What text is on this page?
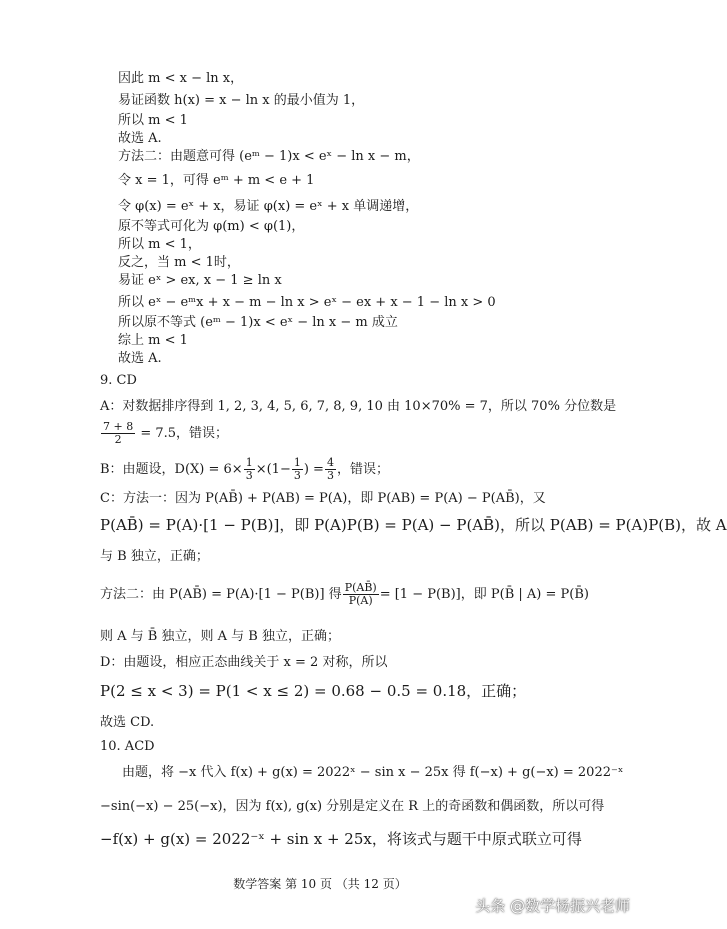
因此 m < x − ln x，
易证函数 h(x) = x − ln x 的最小值为 1，
所以 m < 1
故选 A.
方法二：由题意可得 (eᵐ − 1)x < eˣ − ln x − m，
令 x = 1，可得 eᵐ + m < e + 1
令 φ(x) = eˣ + x，易证 φ(x) = eˣ + x 单调递增，
原不等式可化为 φ(m) < φ(1)，
所以 m < 1，
反之，当 m < 1时，
易证 eˣ > ex, x − 1 ≥ ln x
所以 eˣ − eᵐx + x − m − ln x > eˣ − ex + x − 1 − ln x > 0
所以原不等式 (eᵐ − 1)x < eˣ − ln x − m 成立
综上 m < 1
故选 A.
9. CD
A：对数据排序得到 1, 2, 3, 4, 5, 6, 7, 8, 9, 10 由 10×70% = 7，所以 70% 分位数是
$\frac{7 + 8}{2} = 7.5$，错误；
B：由题设，$D(X) = 6\times \frac{1}{3} \times(1- \frac{1}{3}$ ) = $\frac{4}{3}$ ，错误；
C：方法一：因为 P(AB̄) + P(AB) = P(A)，即 P(AB) = P(A) − P(AB̄)，又
P(AB̄) = P(A)·[1 − P(B)]，即 P(A)P(B) = P(A) − P(AB̄)，所以 P(AB) = P(A)P(B)，故 A
与 B 独立，正确；
方法二：由 P(AB̄) = P(A)·[1 − P(B)] 得 $\frac{P(AB̄)}{P(A)} = [1 - P(B)]$，即 P(B̄ | A) = P(B̄)
则 A 与 B̄ 独立，则 A 与 B 独立，正确；
D：由题设，相应正态曲线关于 x = 2 对称，所以
P(2 ≤ x < 3) = P(1 < x ≤ 2) = 0.68 − 0.5 = 0.18，正确；
故选 CD.
10. ACD
由题，将 −x 代入 f(x) + g(x) = 2022ˣ − sin x − 25x 得 f(−x) + g(−x) = 2022⁻ˣ
−sin(−x) − 25(−x)，因为 f(x), g(x) 分别是定义在 R 上的奇函数和偶函数，所以可得
−f(x) + g(x) = 2022⁻ˣ + sin x + 25x，将该式与题干中原式联立可得
数学答案 第 10 页 （共 12 页）
头条 @数学杨振兴老师
